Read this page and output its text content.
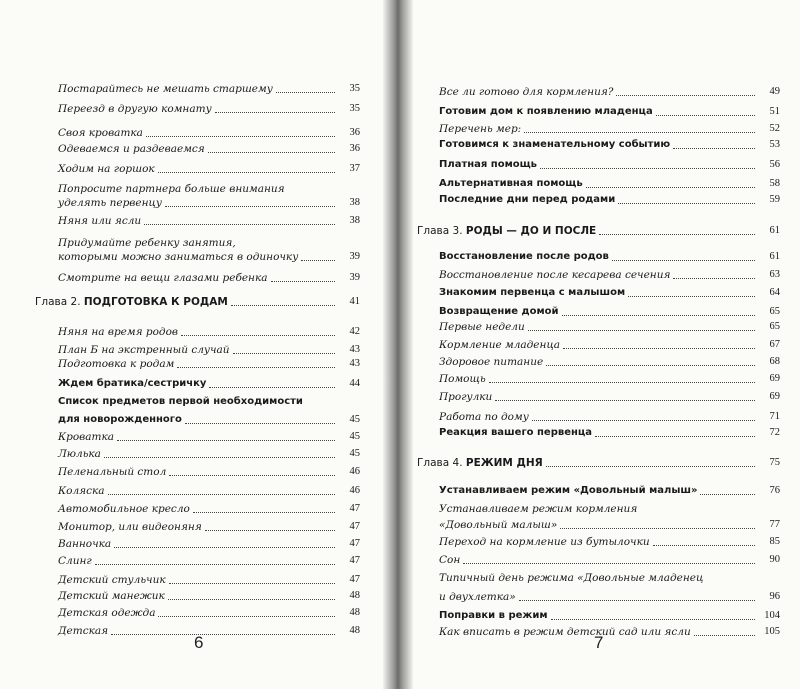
Постарайтесь не мешать старшему	35
Переезд в другую комнату	35
Своя кроватка	36
Одеваемся и раздеваемся	36
Ходим на горшок	37
Попросите партнера больше внимания
уделять первенцу	38
Няня или ясли	38
Придумайте ребенку занятия,
которыми можно заниматься в одиночку	39
Смотрите на вещи глазами ребенка	39
Глава 2. ПОДГОТОВКА К РОДАМ	41
Няня на время родов	42
План Б на экстренный случай	43
Подготовка к родам	43
Ждем братика/сестричку	44
Список предметов первой необходимости
для новорожденного	45
Кроватка	45
Люлька	45
Пеленальный стол	46
Коляска	46
Автомобильное кресло	47
Монитор, или видеоняня	47
Ванночка	47
Слинг	47
Детский стульчик	47
Детский манежик	48
Детская одежда	48
Детская	48
6
Все ли готово для кормления?	49
Готовим дом к появлению младенца	51
Перечень мер:	52
Готовимся к знаменательному событию	53
Платная помощь	56
Альтернативная помощь	58
Последние дни перед родами	59
Глава 3. РОДЫ — ДО И ПОСЛЕ	61
Восстановление после родов	61
Восстановление после кесарева сечения	63
Знакомим первенца с малышом	64
Возвращение домой	65
Первые недели	65
Кормление младенца	67
Здоровое питание	68
Помощь	69
Прогулки	69
Работа по дому	71
Реакция вашего первенца	72
Глава 4. РЕЖИМ ДНЯ	75
Устанавливаем режим «Довольный малыш»	76
Устанавливаем режим кормления
«Довольный малыш»	77
Переход на кормление из бутылочки	85
Сон	90
Типичный день режима «Довольные младенец
и двухлетка»	96
Поправки в режим	104
Как вписать в режим детский сад или ясли	105
7
